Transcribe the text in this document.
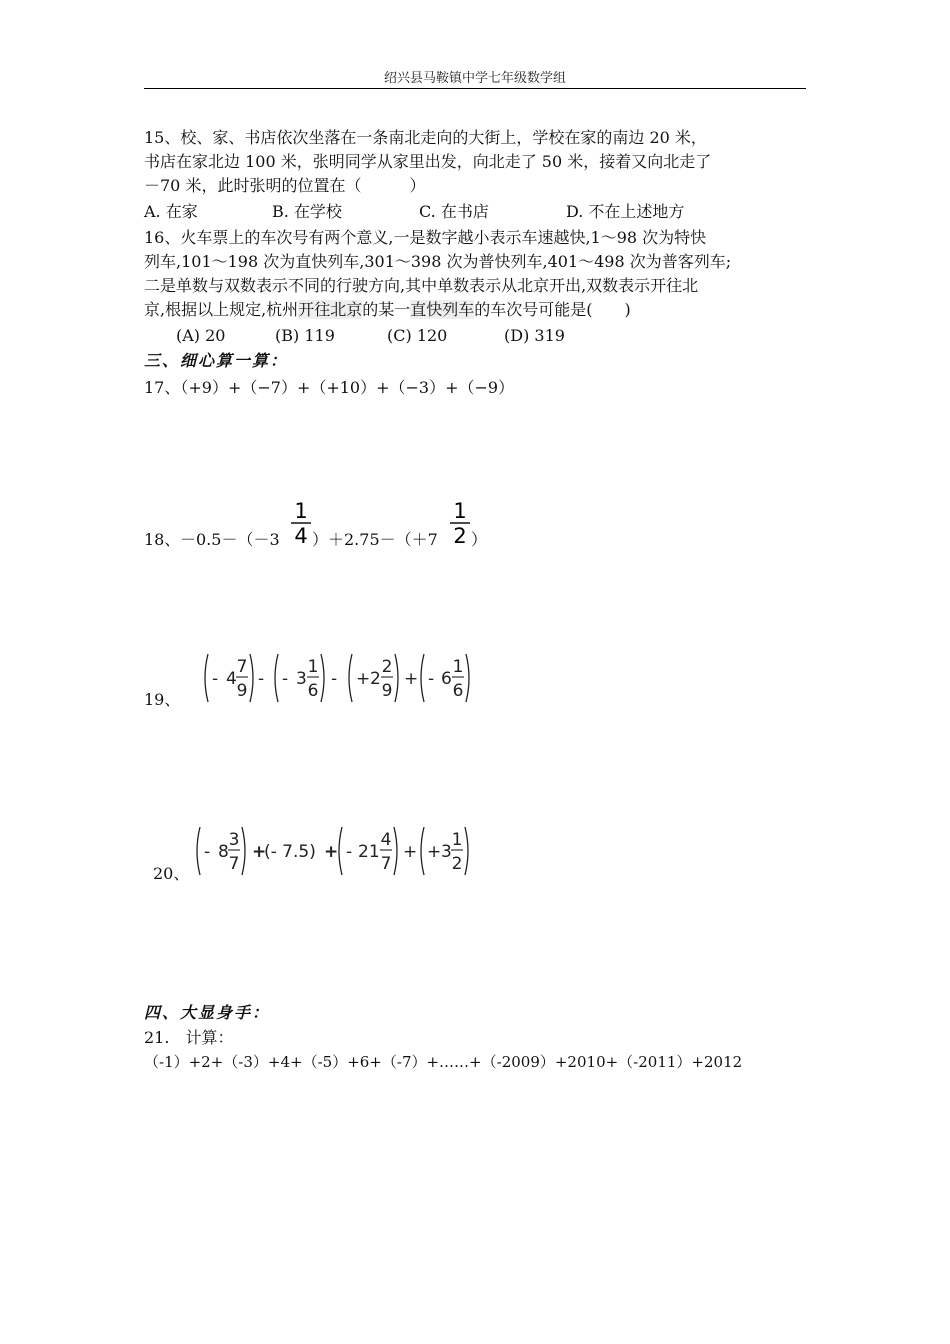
绍兴县马鞍镇中学七年级数学组
15、校、家、书店依次坐落在一条南北走向的大街上，学校在家的南边 20 米，
书店在家北边 100 米，张明同学从家里出发，向北走了 50 米，接着又向北走了
－70 米，此时张明的位置在（　　　）
A. 在家	B. 在学校	C. 在书店	D. 不在上述地方
16、火车票上的车次号有两个意义,一是数字越小表示车速越快,1～98 次为特快
列车,101～198 次为直快列车,301～398 次为普快列车,401～498 次为普客列车;
二是单数与双数表示不同的行驶方向,其中单数表示从北京开出,双数表示开往北
京,根据以上规定,杭州开往北京的某一直快列车的车次号可能是(　　)
(A) 20	(B) 119	(C) 120	(D) 319
三、细心算一算：
17、（+9）+（−7）+（+10）+（−3）+（−9）
18、 －0.5－（－3
1
4 ）＋2.75－（＋7
1
2 ）
19、
- 4
7
9
- - 3
1
6
- + 2
2
9
+ - 6
1
6
20、
- 8
3
7
+
(- 7.5) + - 21
4
7
+ + 3
1
2
四、大显身手：
21.　计算：
（-1）+2+（-3）+4+（-5）+6+（-7）+……+（-2009）+2010+（-2011）+2012
